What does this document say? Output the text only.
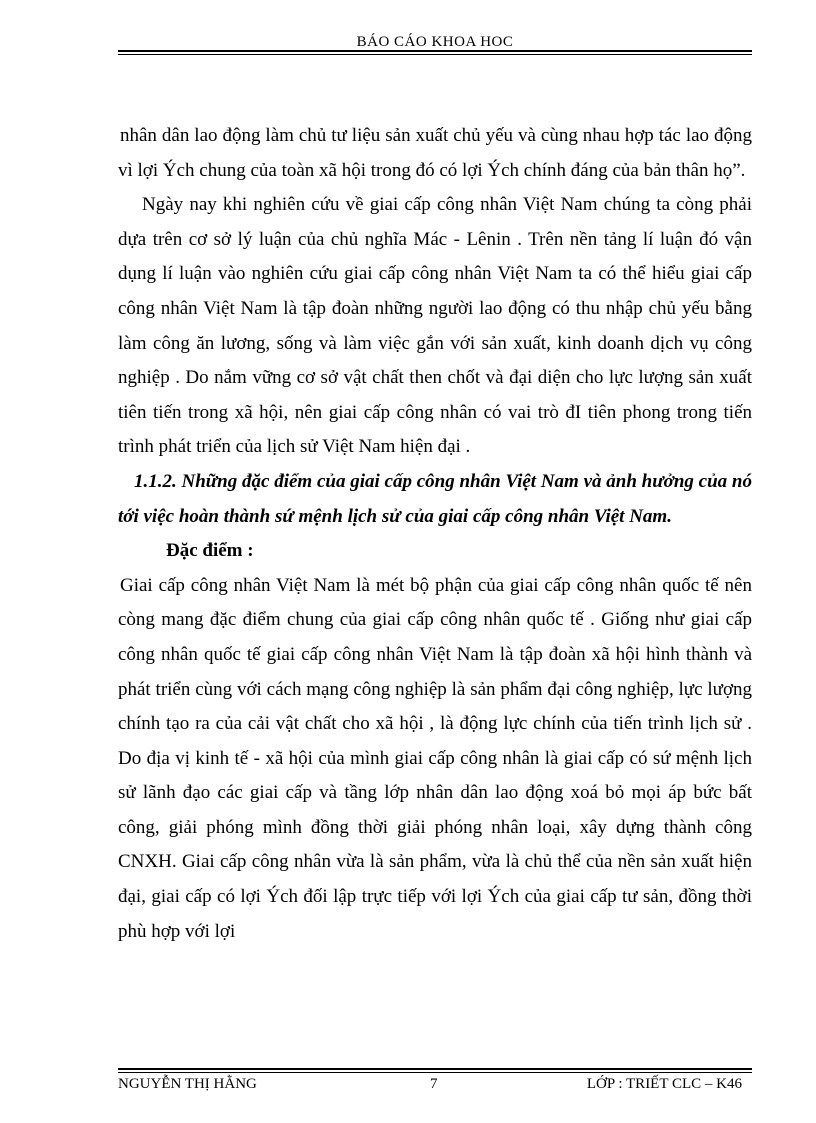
BÁO CÁO KHOA HOC

nhân dân lao động làm chủ tư liệu sản xuất chủ yếu và cùng nhau hợp tác lao động vì lợi Ých chung của toàn xã hội trong đó có lợi Ých chính đáng của bản thân họ”.

Ngày nay khi nghiên cứu về giai cấp công nhân Việt Nam chúng ta còng phải dựa trên cơ sở lý luận của chủ nghĩa Mác - Lênin . Trên nền tảng lí luận đó vận dụng lí luận vào nghiên cứu giai cấp công nhân Việt Nam ta có thể hiểu giai cấp công nhân Việt Nam là tập đoàn những người lao động có thu nhập chủ yếu bằng làm công ăn lương, sống và làm việc gắn với sản xuất, kinh doanh dịch vụ công nghiệp . Do nắm vững cơ sở vật chất then chốt và đại diện cho lực lượng sản xuất tiên tiến trong xã hội, nên giai cấp công nhân có vai trò đI tiên phong trong tiến trình phát triển của lịch sử Việt Nam hiện đại .

1.1.2. Những đặc điểm của giai cấp công nhân Việt Nam và ảnh hưởng của nó tới việc hoàn thành sứ mệnh lịch sử của giai cấp công nhân Việt Nam.

Đặc điểm :

Giai cấp công nhân Việt Nam là mét bộ phận của giai cấp công nhân quốc tế nên còng mang đặc điểm chung của giai cấp công nhân quốc tế . Giống như giai cấp công nhân quốc tế giai cấp công nhân Việt Nam là tập đoàn xã hội hình thành và phát triển cùng với cách mạng công nghiệp là sản phẩm đại công nghiệp, lực lượng chính tạo ra của cải vật chất cho xã hội , là động lực chính của tiến trình lịch sử . Do địa vị kinh tế - xã hội của mình giai cấp công nhân là giai cấp có sứ mệnh lịch sử lãnh đạo các giai cấp và tầng lớp nhân dân lao động xoá bỏ mọi áp bức bất công, giải phóng mình đồng thời giải phóng nhân loại, xây dựng thành công CNXH. Giai cấp công nhân vừa là sản phẩm, vừa là chủ thể của nền sản xuất hiện đại, giai cấp có lợi Ých đối lập trực tiếp với lợi Ých của giai cấp tư sản, đồng thời phù hợp với lợi

NGUYỄN THỊ HẰNG	7	LỚP : TRIẾT CLC – K46
